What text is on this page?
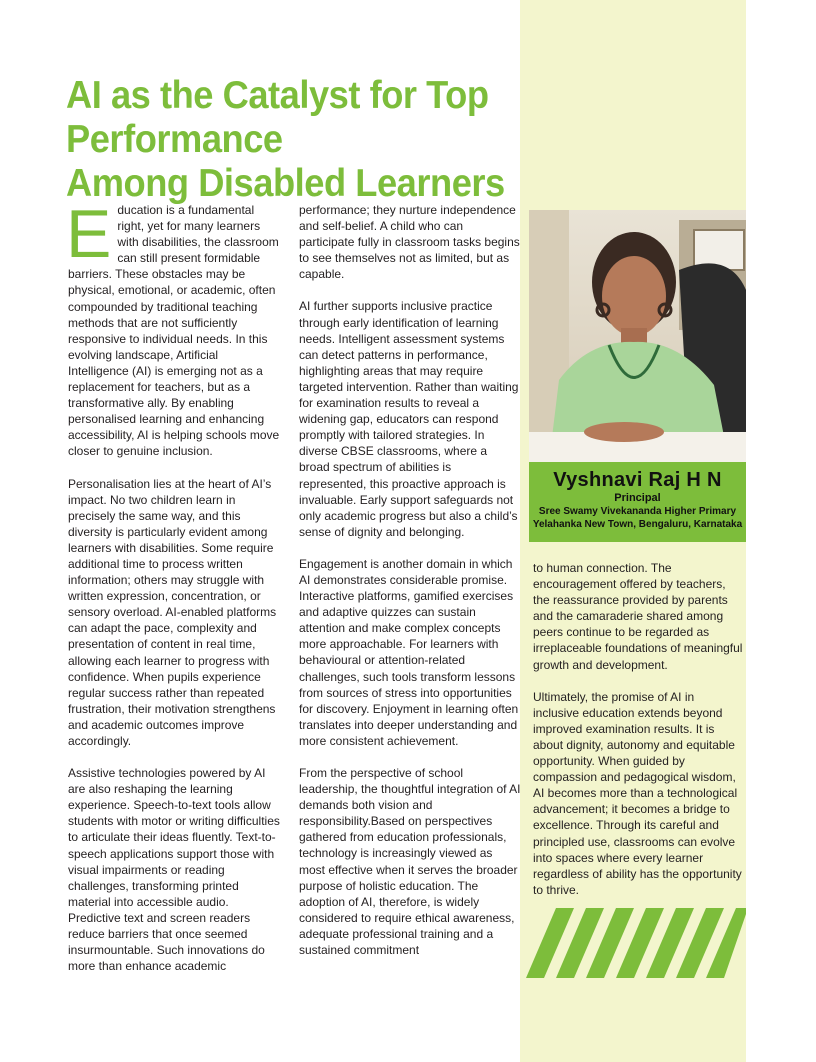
AI as the Catalyst for Top Performance
Among Disabled Learners

Education is a fundamental right, yet for many learners with disabilities, the classroom can still present formidable barriers. These obstacles may be physical, emotional, or academic, often compounded by traditional teaching methods that are not sufficiently responsive to individual needs. In this evolving landscape, Artificial Intelligence (AI) is emerging not as a replacement for teachers, but as a transformative ally. By enabling personalised learning and enhancing accessibility, AI is helping schools move closer to genuine inclusion.

Personalisation lies at the heart of AI’s impact. No two children learn in precisely the same way, and this diversity is particularly evident among learners with disabilities. Some require additional time to process written information; others may struggle with written expression, concentration, or sensory overload. AI-enabled platforms can adapt the pace, complexity and presentation of content in real time, allowing each learner to progress with confidence. When pupils experience regular success rather than repeated frustration, their motivation strengthens and academic outcomes improve accordingly.

Assistive technologies powered by AI are also reshaping the learning experience. Speech-to-text tools allow students with motor or writing difficulties to articulate their ideas fluently. Text-to-speech applications support those with visual impairments or reading challenges, transforming printed material into accessible audio. Predictive text and screen readers reduce barriers that once seemed insurmountable. Such innovations do more than enhance academic

performance; they nurture independence and self-belief. A child who can participate fully in classroom tasks begins to see themselves not as limited, but as capable.

AI further supports inclusive practice through early identification of learning needs. Intelligent assessment systems can detect patterns in performance, highlighting areas that may require targeted intervention. Rather than waiting for examination results to reveal a widening gap, educators can respond promptly with tailored strategies. In diverse CBSE classrooms, where a broad spectrum of abilities is represented, this proactive approach is invaluable. Early support safeguards not only academic progress but also a child’s sense of dignity and belonging.

Engagement is another domain in which AI demonstrates considerable promise. Interactive platforms, gamified exercises and adaptive quizzes can sustain attention and make complex concepts more approachable. For learners with behavioural or attention-related challenges, such tools transform lessons from sources of stress into opportunities for discovery. Enjoyment in learning often translates into deeper understanding and more consistent achievement.

From the perspective of school leadership, the thoughtful integration of AI demands both vision and responsibility.Based on perspectives gathered from education professionals, technology is increasingly viewed as most effective when it serves the broader purpose of holistic education. The adoption of AI, therefore, is widely considered to require ethical awareness, adequate professional training and a sustained commitment

Vyshnavi Raj H N
Principal
Sree Swamy Vivekananda Higher Primary
Yelahanka New Town, Bengaluru, Karnataka

to human connection. The encouragement offered by teachers, the reassurance provided by parents and the camaraderie shared among peers continue to be regarded as irreplaceable foundations of meaningful growth and development.

Ultimately, the promise of AI in inclusive education extends beyond improved examination results. It is about dignity, autonomy and equitable opportunity. When guided by compassion and pedagogical wisdom, AI becomes more than a technological advancement; it becomes a bridge to excellence. Through its careful and principled use, classrooms can evolve into spaces where every learner regardless of ability has the opportunity to thrive.
